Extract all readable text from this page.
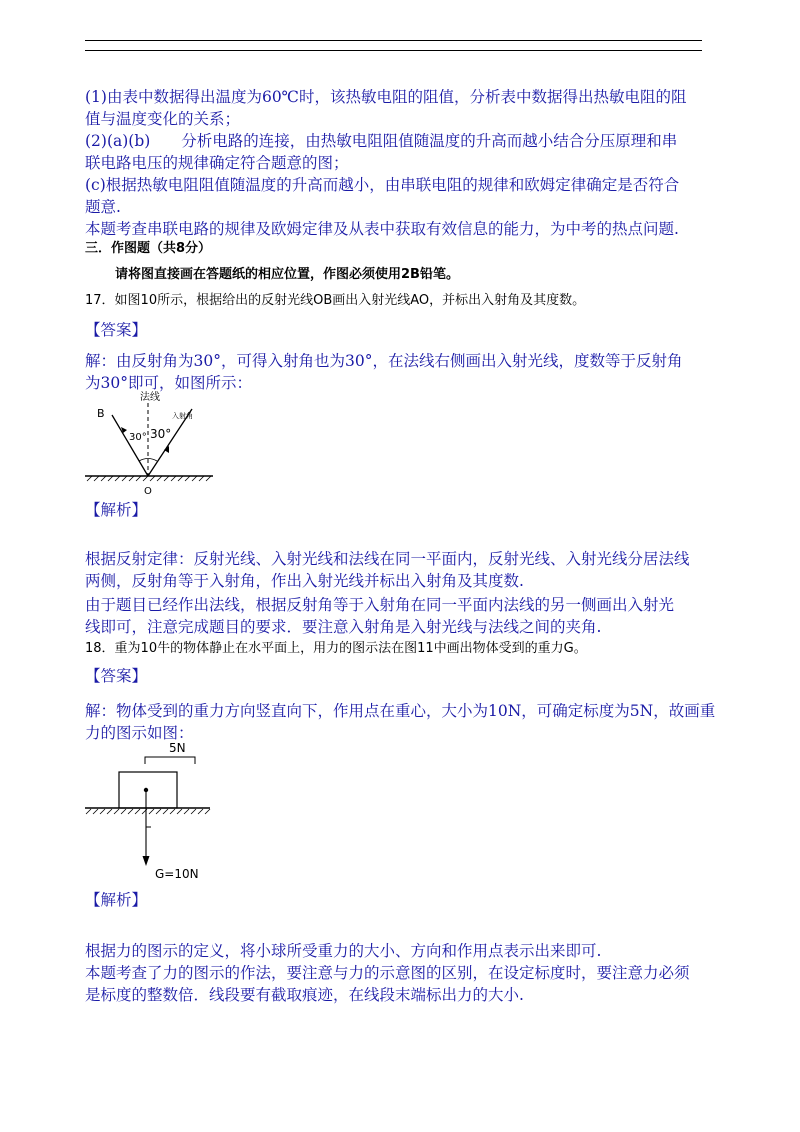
(1)由表中数据得出温度为60℃时，该热敏电阻的阻值，分析表中数据得出热敏电阻的阻
值与温度变化的关系；
(2)(a)(b)　　分析电路的连接，由热敏电阻阻值随温度的升高而越小结合分压原理和串
联电路电压的规律确定符合题意的图；
(c)根据热敏电阻阻值随温度的升高而越小，由串联电阻的规律和欧姆定律确定是否符合
题意.
本题考查串联电路的规律及欧姆定律及从表中获取有效信息的能力，为中考的热点问题.
三．作图题（共8分）
请将图直接画在答题纸的相应位置，作图必须使用2B铅笔。
17．如图10所示，根据给出的反射光线OB画出入射光线AO，并标出入射角及其度数。
【答案】
解：由反射角为30°，可得入射角也为30°，在法线右侧画出入射光线，度数等于反射角
为30°即可，如图所示：
法线
入射角
B
30° 30°
O
【解析】
根据反射定律：反射光线、入射光线和法线在同一平面内，反射光线、入射光线分居法线
两侧，反射角等于入射角，作出入射光线并标出入射角及其度数.
由于题目已经作出法线，根据反射角等于入射角在同一平面内法线的另一侧画出入射光
线即可，注意完成题目的要求．要注意入射角是入射光线与法线之间的夹角.
18．重为10牛的物体静止在水平面上，用力的图示法在图11中画出物体受到的重力G。
【答案】
解：物体受到的重力方向竖直向下，作用点在重心，大小为10N，可确定标度为5N，故画重
力的图示如图：
5N
G=10N
【解析】
根据力的图示的定义，将小球所受重力的大小、方向和作用点表示出来即可.
本题考查了力的图示的作法，要注意与力的示意图的区别，在设定标度时，要注意力必须
是标度的整数倍．线段要有截取痕迹，在线段末端标出力的大小.
